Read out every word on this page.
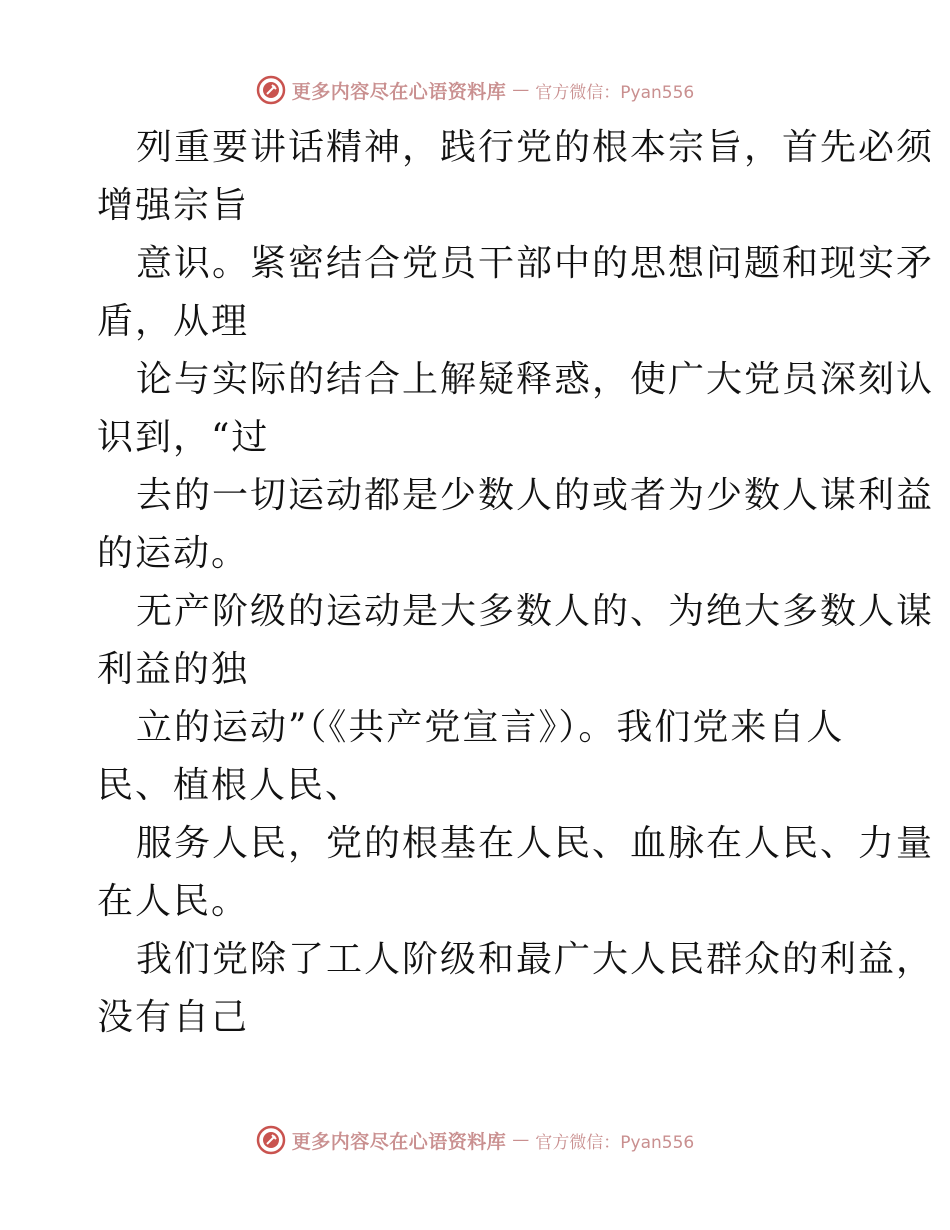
更多内容尽在心语资料库 — 官方微信：Pyan556
列重要讲话精神，践行党的根本宗旨，首先必须
增强宗旨
意识。紧密结合党员干部中的思想问题和现实矛
盾，从理
论与实际的结合上解疑释惑，使广大党员深刻认
识到，“过
去的一切运动都是少数人的或者为少数人谋利益
的运动。
无产阶级的运动是大多数人的、为绝大多数人谋
利益的独
立的运动”（《共产党宣言》）。我们党来自人
民、植根人民、
服务人民，党的根基在人民、血脉在人民、力量
在人民。
我们党除了工人阶级和最广大人民群众的利益，
没有自己
更多内容尽在心语资料库 — 官方微信：Pyan556
